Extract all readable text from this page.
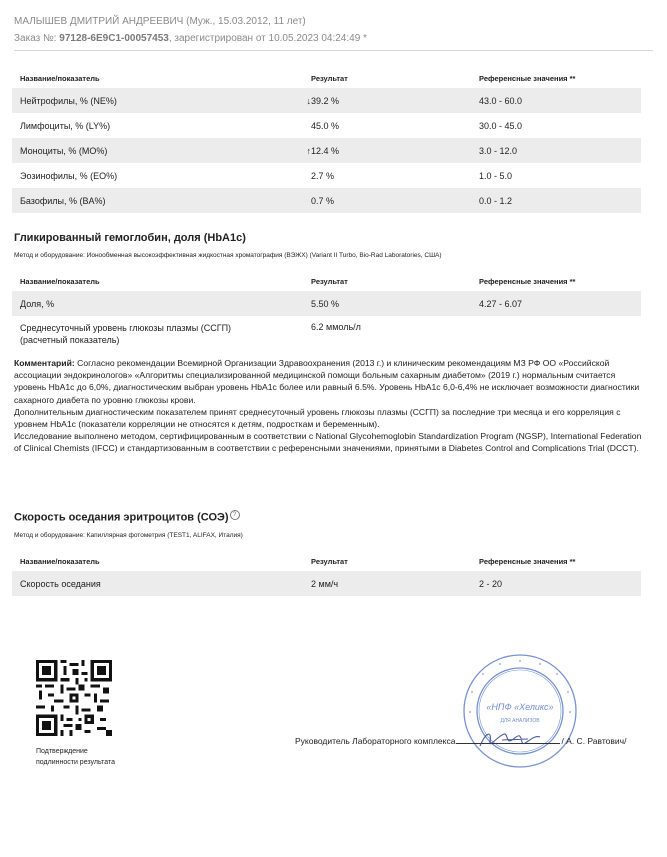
МАЛЫШЕВ ДМИТРИЙ АНДРЕЕВИЧ (Муж., 15.03.2012, 11 лет)
Заказ №: 97128-6E9C1-00057453, зарегистрирован от 10.05.2023 04:24:49 *
Название/показатель	Результат	Референсные значения **
Нейтрофилы, % (NE%)	↓39.2 %	43.0 - 60.0
Лимфоциты, % (LY%)	45.0 %	30.0 - 45.0
Моноциты, % (MO%)	↑12.4 %	3.0 - 12.0
Эозинофилы, % (EO%)	2.7 %	1.0 - 5.0
Базофилы, % (BA%)	0.7 %	0.0 - 1.2
Гликированный гемоглобин, доля (HbA1c)
Метод и оборудование: Ионообменная высокоэффективная жидкостная хроматография (ВЭЖХ) (Variant II Turbo, Bio-Rad Laboratories, США)
Название/показатель	Результат	Референсные значения **
Доля, %	5.50 %	4.27 - 6.07

Среднесуточный уровень глюкозы плазмы (ССГП)
(расчетный показатель)	6.2 ммоль/л	
Комментарий: Согласно рекомендации Всемирной Организации Здравоохранения (2013 г.) и клиническим рекомендациям МЗ РФ ОО «Российской ассоциации эндокринологов» «Алгоритмы специализированной медицинской помощи больным сахарным диабетом» (2019 г.) нормальным считается уровень HbA1c до 6,0%, диагностическим выбран уровень HbA1c более или равный 6.5%. Уровень HbA1c 6,0-6,4% не исключает возможности диагностики сахарного диабета по уровню глюкозы крови.
Дополнительным диагностическим показателем принят среднесуточный уровень глюкозы плазмы (ССГП) за последние три месяца и его корреляция с уровнем HbA1c (показатели корреляции не относятся к детям, подросткам и беременным).
Исследование выполнено методом, сертифицированным в соответствии с National Glycohemoglobin Standardization Program (NGSP), International Federation of Clinical Chemists (IFCC) и стандартизованным в соответствии с референсными значениями, принятыми в Diabetes Control and Complications Trial (DCCT).
Скорость оседания эритроцитов (СОЭ) ?
Метод и оборудование: Капиллярная фотометрия (TEST1, ALIFAX, Италия)
Название/показатель	Результат	Референсные значения **
Скорость оседания	2 мм/ч	2 - 20
Подтверждение
подлинности результата
«НПФ «Хеликс»
ДЛЯ АНАЛИЗОВ
Руководитель Лабораторного комплекса	/ А. С. Равтович/
